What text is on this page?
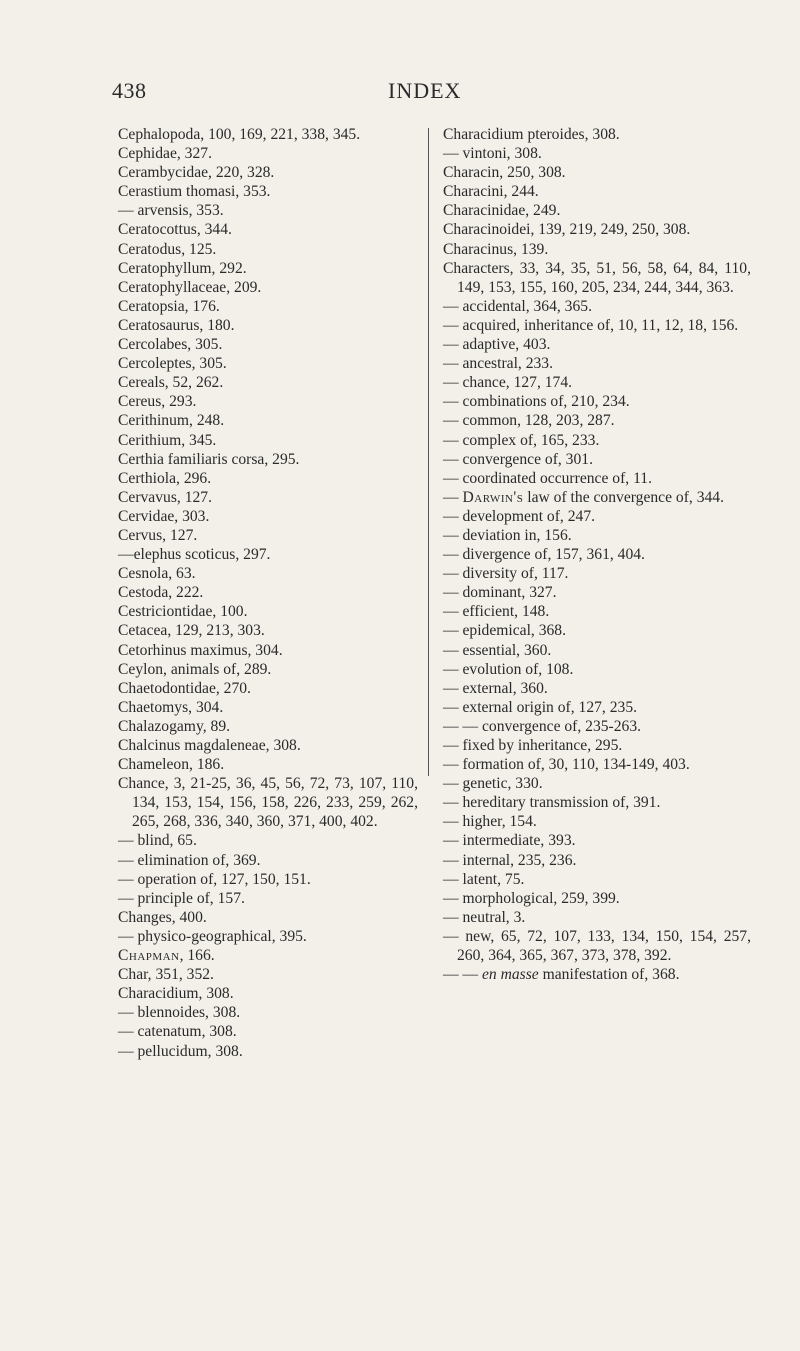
438	INDEX

Cephalopoda, 100, 169, 221, 338, 345.

Cephidae, 327.

Cerambycidae, 220, 328.

Cerastium thomasi, 353.

— arvensis, 353.

Ceratocottus, 344.

Ceratodus, 125.

Ceratophyllum, 292.

Ceratophyllaceae, 209.

Ceratopsia, 176.

Ceratosaurus, 180.

Cercolabes, 305.

Cercoleptes, 305.

Cereals, 52, 262.

Cereus, 293.

Cerithinum, 248.

Cerithium, 345.

Certhia familiaris corsa, 295.

Certhiola, 296.

Cervavus, 127.

Cervidae, 303.

Cervus, 127.

—elephus scoticus, 297.

Cesnola, 63.

Cestoda, 222.

Cestriciontidae, 100.

Cetacea, 129, 213, 303.

Cetorhinus maximus, 304.

Ceylon, animals of, 289.

Chaetodontidae, 270.

Chaetomys, 304.

Chalazogamy, 89.

Chalcinus magdaleneae, 308.

Chameleon, 186.

Chance, 3, 21-25, 36, 45, 56, 72, 73, 107, 110, 134, 153, 154, 156, 158, 226, 233, 259, 262, 265, 268, 336, 340, 360, 371, 400, 402.

— blind, 65.

— elimination of, 369.

— operation of, 127, 150, 151.

— principle of, 157.

Changes, 400.

— physico-geographical, 395.

Chapman, 166.

Char, 351, 352.

Characidium, 308.

— blennoides, 308.

— catenatum, 308.

— pellucidum, 308.

Characidium pteroides, 308.

— vintoni, 308.

Characin, 250, 308.

Characini, 244.

Characinidae, 249.

Characinoidei, 139, 219, 249, 250, 308.

Characinus, 139.

Characters, 33, 34, 35, 51, 56, 58, 64, 84, 110, 149, 153, 155, 160, 205, 234, 244, 344, 363.

— accidental, 364, 365.

— acquired, inheritance of, 10, 11, 12, 18, 156.

— adaptive, 403.

— ancestral, 233.

— chance, 127, 174.

— combinations of, 210, 234.

— common, 128, 203, 287.

— complex of, 165, 233.

— convergence of, 301.

— coordinated occurrence of, 11.

— Darwin's law of the convergence of, 344.

— development of, 247.

— deviation in, 156.

— divergence of, 157, 361, 404.

— diversity of, 117.

— dominant, 327.

— efficient, 148.

— epidemical, 368.

— essential, 360.

— evolution of, 108.

— external, 360.

— external origin of, 127, 235.

— — convergence of, 235-263.

— fixed by inheritance, 295.

— formation of, 30, 110, 134-149, 403.

— genetic, 330.

— hereditary transmission of, 391.

— higher, 154.

— intermediate, 393.

— internal, 235, 236.

— latent, 75.

— morphological, 259, 399.

— neutral, 3.

— new, 65, 72, 107, 133, 134, 150, 154, 257, 260, 364, 365, 367, 373, 378, 392.

— — en masse manifestation of, 368.
